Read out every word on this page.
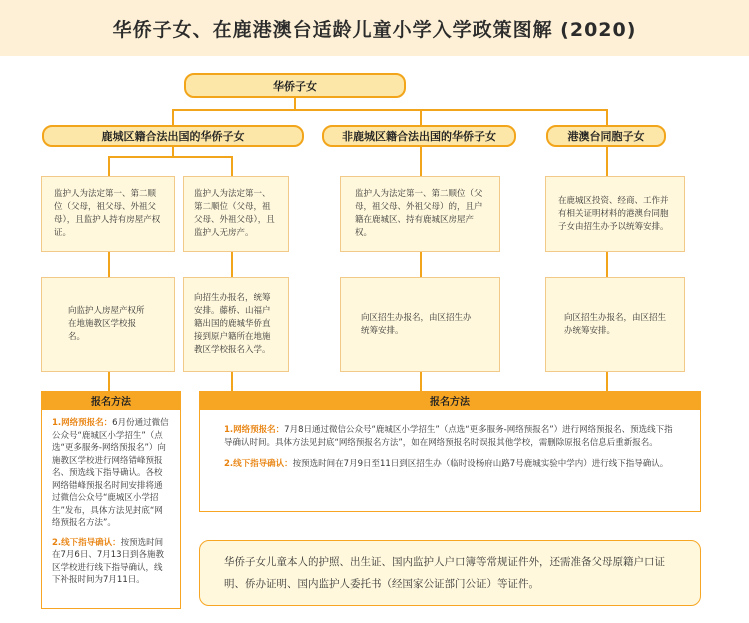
华侨子女、在鹿港澳台适龄儿童小学入学政策图解 (2020)
华侨子女
鹿城区籍合法出国的华侨子女	非鹿城区籍合法出国的华侨子女	港澳台同胞子女
监护人为法定第一、第二顺位（父母，祖父母、外祖父母），且监护人持有房屋产权证。
监护人为法定第一、第二顺位（父母，祖父母、外祖父母），且监护人无房产。
监护人为法定第一、第二顺位（父母，祖父母、外祖父母）的，且户籍在鹿城区、持有鹿城区房屋产权。
在鹿城区投资、经商、工作并有相关证明材料的港澳台同胞子女由招生办予以统筹安排。
向监护人房屋产权所在地施教区学校报名。
向招生办报名，统筹安排。藤桥、山福户籍出国的鹿城华侨直接到原户籍所在地施教区学校报名入学。
向区招生办报名，由区招生办统筹安排。
向区招生办报名，由区招生办统筹安排。
报名方法
1.网络预报名：6月份通过微信公众号“鹿城区小学招生”（点选“更多服务-网络预报名”）向施教区学校进行网络错峰预报名、预选线下指导确认。各校网络错峰预报名时间安排将通过微信公众号“鹿城区小学招生”发布，具体方法见封底“网络预报名方法”。
2.线下指导确认：按预选时间在7月6日、7月13日到各施教区学校进行线下指导确认，线下补报时间为7月11日。
报名方法
1.网络预报名：7月8日通过微信公众号“鹿城区小学招生”（点选“更多服务-网络预报名”）进行网络预报名、预选线下指导确认时间。具体方法见封底“网络预报名方法”，如在网络预报名时误报其他学校，需删除原报名信息后重新报名。
2.线下指导确认：按预选时间在7月9日至11日到区招生办（临时设杨府山路7号鹿城实验中学内）进行线下指导确认。
华侨子女儿童本人的护照、出生证、国内监护人户口簿等常规证件外，还需准备父母原籍户口证明、侨办证明、国内监护人委托书（经国家公证部门公证）等证件。
